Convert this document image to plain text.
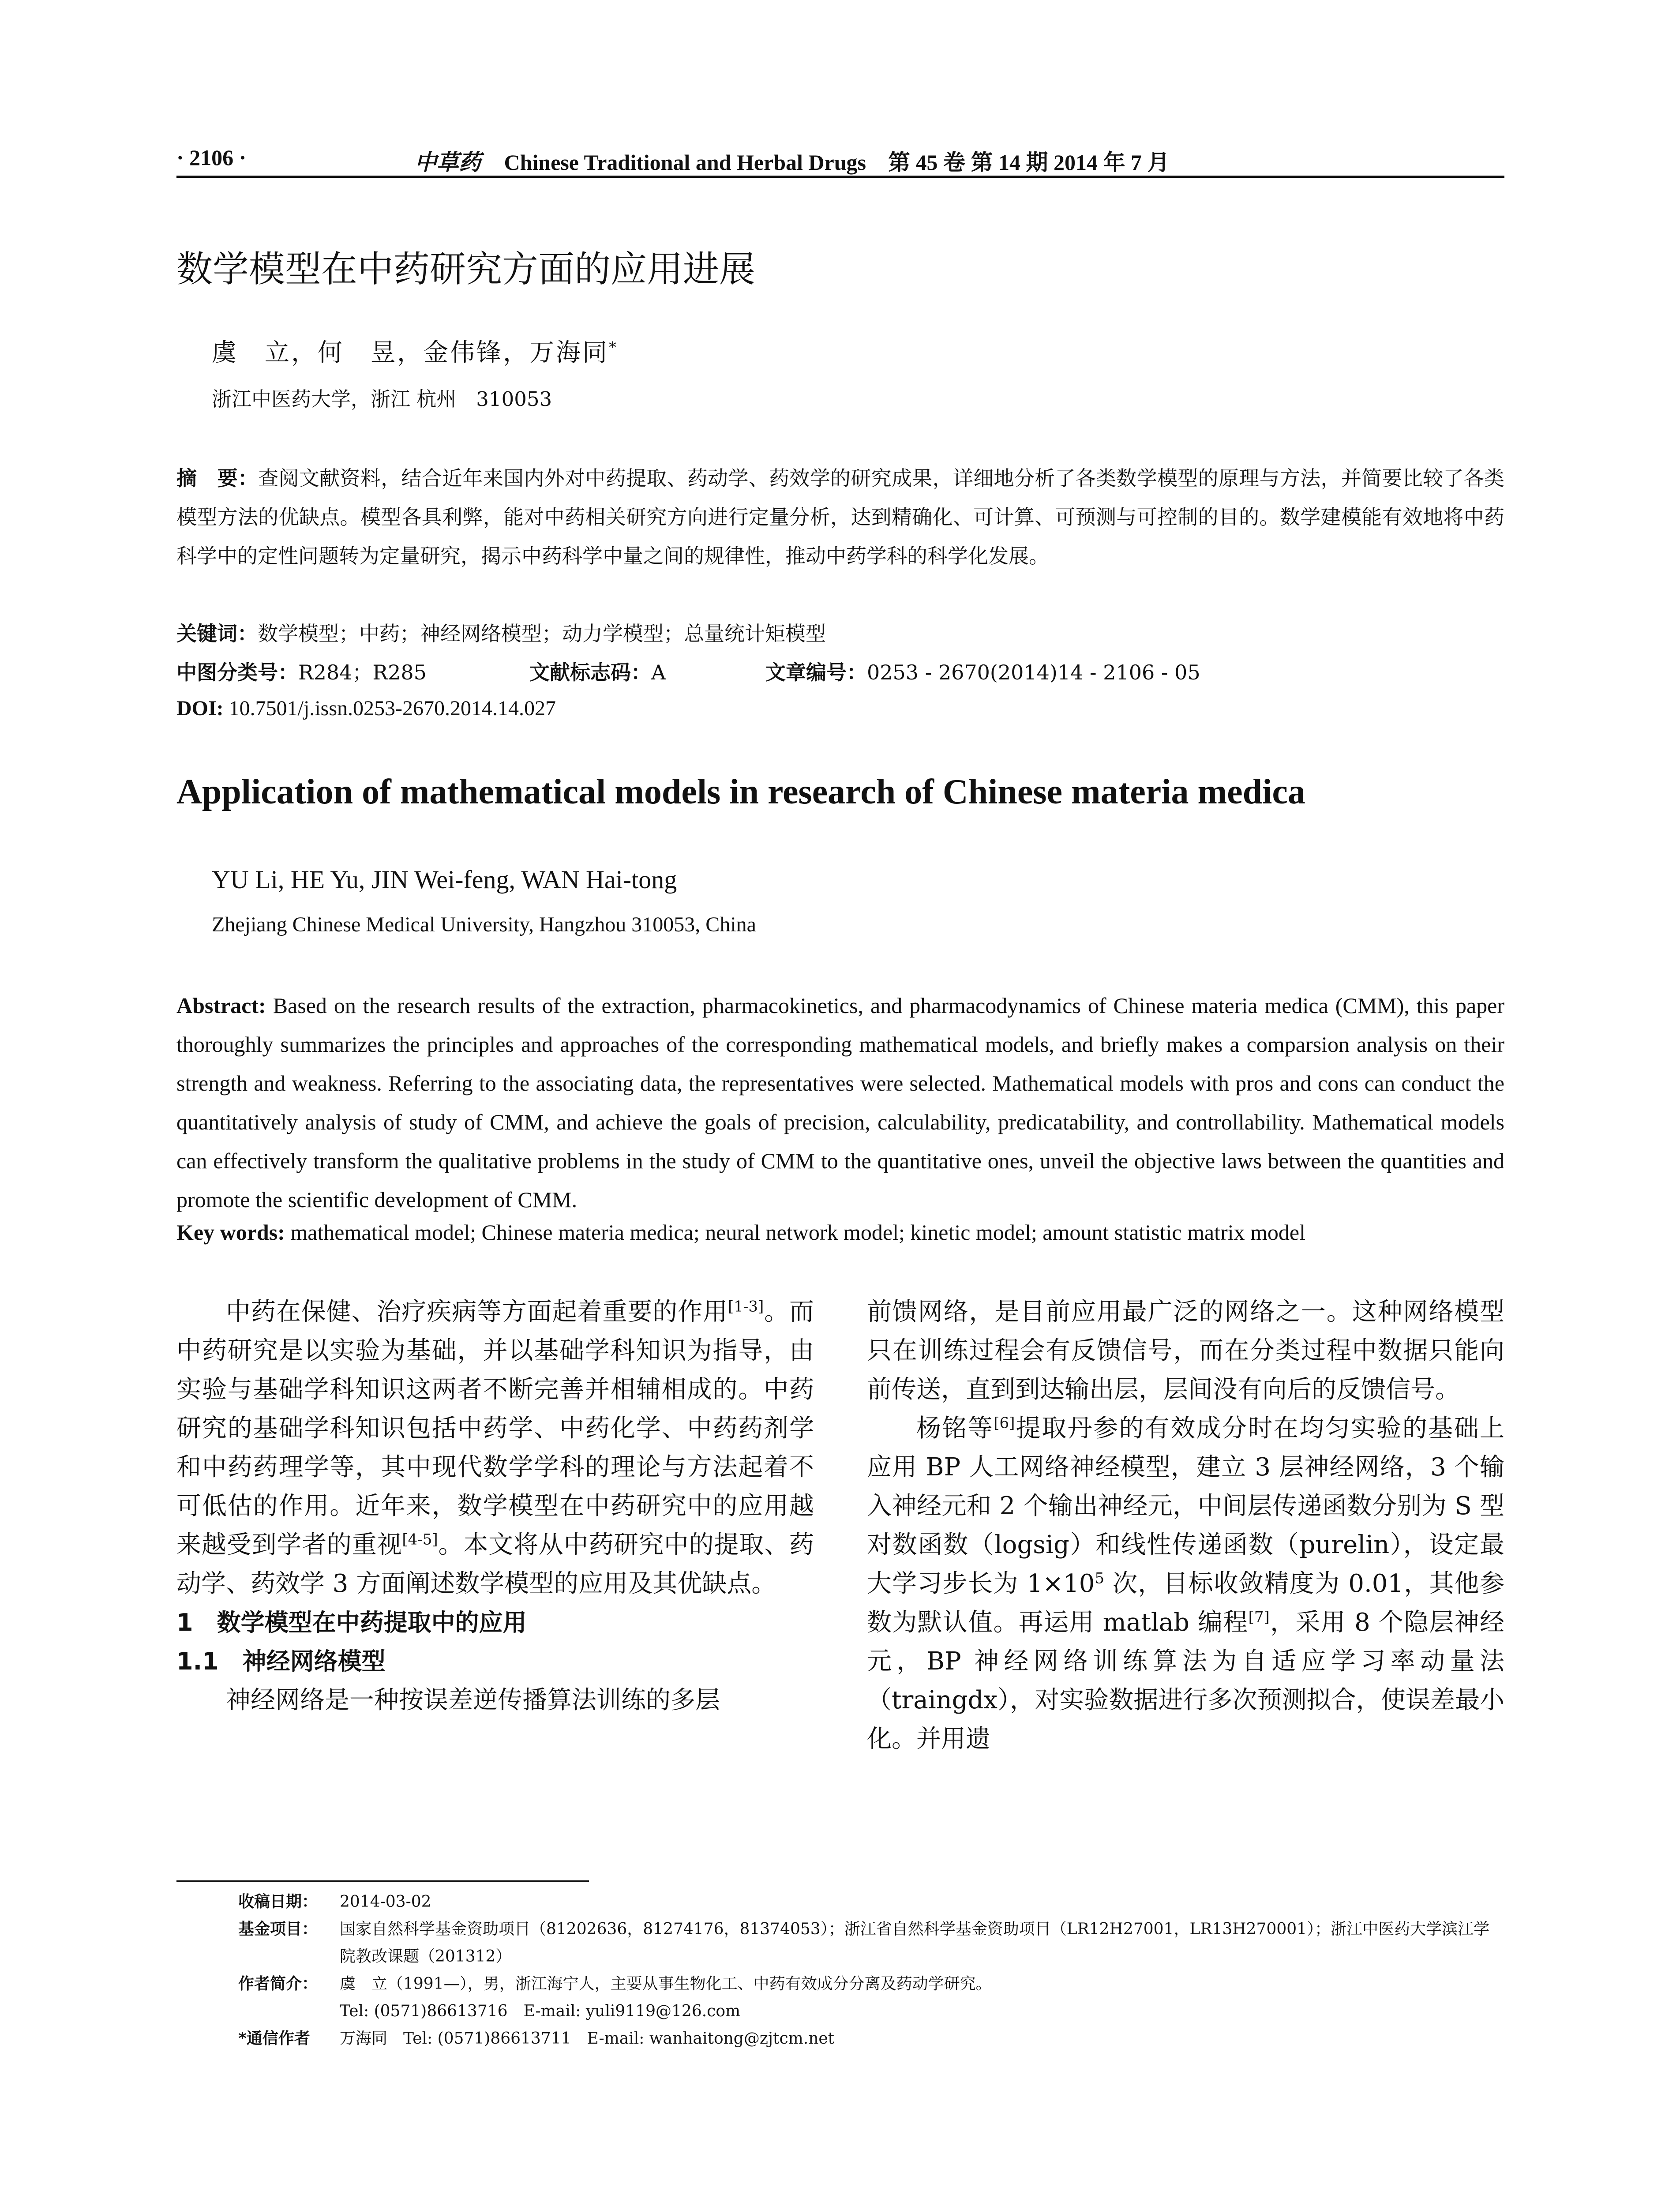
· 2106 ·	中草药 Chinese Traditional and Herbal Drugs 第 45 卷 第 14 期 2014 年 7 月
数学模型在中药研究方面的应用进展
虞　立，何　昱，金伟锋，万海同*
浙江中医药大学，浙江 杭州　310053
摘　要：查阅文献资料，结合近年来国内外对中药提取、药动学、药效学的研究成果，详细地分析了各类数学模型的原理与方法，并简要比较了各类模型方法的优缺点。模型各具利弊，能对中药相关研究方向进行定量分析，达到精确化、可计算、可预测与可控制的目的。数学建模能有效地将中药科学中的定性问题转为定量研究，揭示中药科学中量之间的规律性，推动中药学科的科学化发展。
关键词：数学模型；中药；神经网络模型；动力学模型；总量统计矩模型
中图分类号：R284；R285	文献标志码：A	文章编号：0253 - 2670(2014)14 - 2106 - 05
DOI: 10.7501/j.issn.0253-2670.2014.14.027
Application of mathematical models in research of Chinese materia medica
YU Li, HE Yu, JIN Wei-feng, WAN Hai-tong
Zhejiang Chinese Medical University, Hangzhou 310053, China
Abstract: Based on the research results of the extraction, pharmacokinetics, and pharmacodynamics of Chinese materia medica (CMM), this paper thoroughly summarizes the principles and approaches of the corresponding mathematical models, and briefly makes a comparsion analysis on their strength and weakness. Referring to the associating data, the representatives were selected. Mathematical models with pros and cons can conduct the quantitatively analysis of study of CMM, and achieve the goals of precision, calculability, predicatability, and controllability. Mathematical models can effectively transform the qualitative problems in the study of CMM to the quantitative ones, unveil the objective laws between the quantities and promote the scientific development of CMM.
Key words: mathematical model; Chinese materia medica; neural network model; kinetic model; amount statistic matrix model

中药在保健、治疗疾病等方面起着重要的作用[1-3]。而中药研究是以实验为基础，并以基础学科知识为指导，由实验与基础学科知识这两者不断完善并相辅相成的。中药研究的基础学科知识包括中药学、中药化学、中药药剂学和中药药理学等，其中现代数学学科的理论与方法起着不可低估的作用。近年来，数学模型在中药研究中的应用越来越受到学者的重视[4-5]。本文将从中药研究中的提取、药动学、药效学 3 方面阐述数学模型的应用及其优缺点。

1　数学模型在中药提取中的应用
1.1　神经网络模型

神经网络是一种按误差逆传播算法训练的多层

前馈网络，是目前应用最广泛的网络之一。这种网络模型只在训练过程会有反馈信号，而在分类过程中数据只能向前传送，直到到达输出层，层间没有向后的反馈信号。

杨铭等[6]提取丹参的有效成分时在均匀实验的基础上应用 BP 人工网络神经模型，建立 3 层神经网络，3 个输入神经元和 2 个输出神经元，中间层传递函数分别为 S 型对数函数（logsig）和线性传递函数（purelin），设定最大学习步长为 $1\times 10^5$ 次，目标收敛精度为 0.01，其他参数为默认值。再运用 matlab 编程[7]，采用 8 个隐层神经元，BP 神经网络训练算法为自适应学习率动量法（traingdx），对实验数据进行多次预测拟合，使误差最小化。并用遗

收稿日期： 2014-03-02
基金项目： 国家自然科学基金资助项目（81202636，81274176，81374053）；浙江省自然科学基金资助项目（LR12H27001，LR13H270001）；浙江中医药大学滨江学院教改课题（201312）
作者简介： 虞　立（1991—），男，浙江海宁人，主要从事生物化工、中药有效成分分离及药动学研究。
Tel: (0571)86613716　E-mail: yuli9119@126.com
*通信作者 万海同　Tel: (0571)86613711　E-mail: wanhaitong@zjtcm.net
